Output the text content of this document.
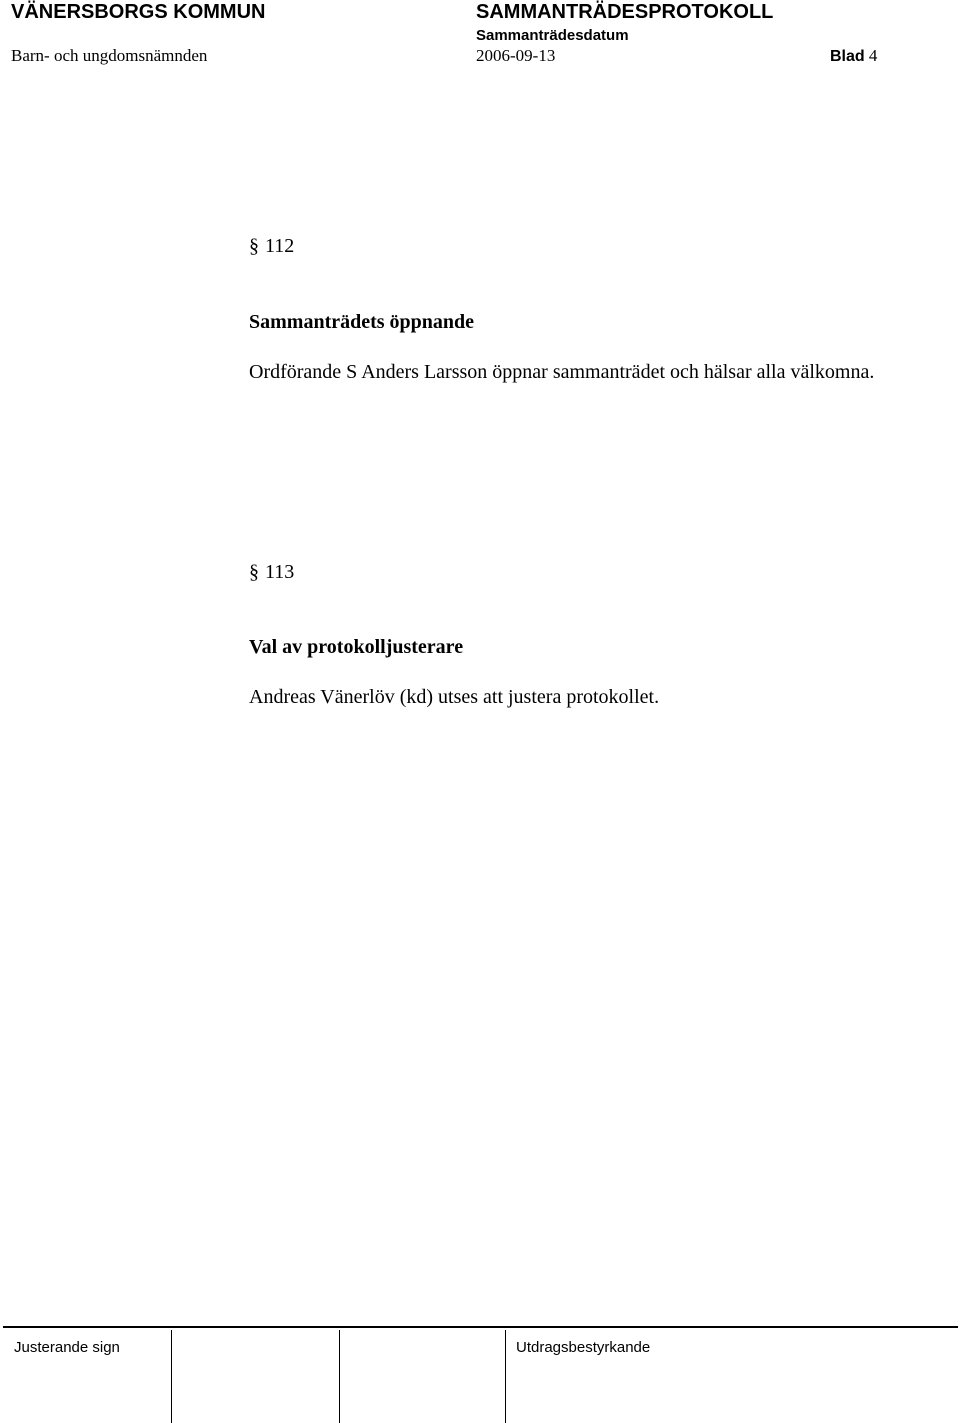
VÄNERSBORGS KOMMUN	SAMMANTRÄDESPROTOKOLL
Sammanträdesdatum
Barn- och ungdomsnämnden	2006-09-13	Blad 4
§ 112
Sammanträdets öppnande
Ordförande S Anders Larsson öppnar sammanträdet och hälsar alla välkomna.
§ 113
Val av protokolljusterare
Andreas Vänerlöv (kd) utses att justera protokollet.
Justerande sign	Utdragsbestyrkande
